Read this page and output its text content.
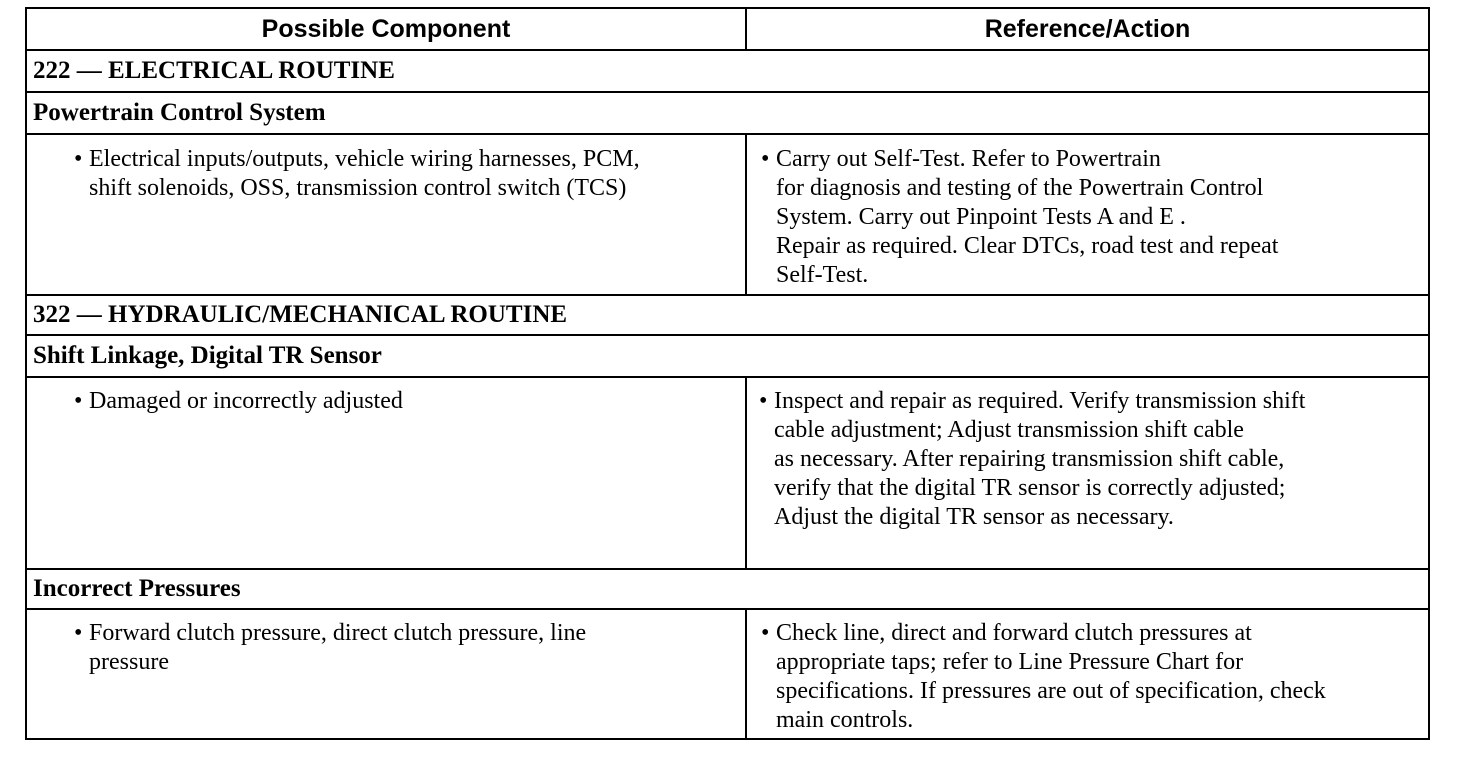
Possible Component	Reference/Action
222 — ELECTRICAL ROUTINE
Powertrain Control System
• Electrical inputs/outputs, vehicle wiring harnesses, PCM,
shift solenoids, OSS, transmission control switch (TCS)
• Carry out Self-Test. Refer to Powertrain
for diagnosis and testing of the Powertrain Control
System. Carry out Pinpoint Tests A and E .
Repair as required. Clear DTCs, road test and repeat
Self-Test.
322 — HYDRAULIC/MECHANICAL ROUTINE
Shift Linkage, Digital TR Sensor
• Damaged or incorrectly adjusted	• Inspect and repair as required. Verify transmission shift
cable adjustment; Adjust transmission shift cable
as necessary. After repairing transmission shift cable,
verify that the digital TR sensor is correctly adjusted;
Adjust the digital TR sensor as necessary.
Incorrect Pressures
• Forward clutch pressure, direct clutch pressure, line
pressure
• Check line, direct and forward clutch pressures at
appropriate taps; refer to Line Pressure Chart for
specifications. If pressures are out of specification, check
main controls.
